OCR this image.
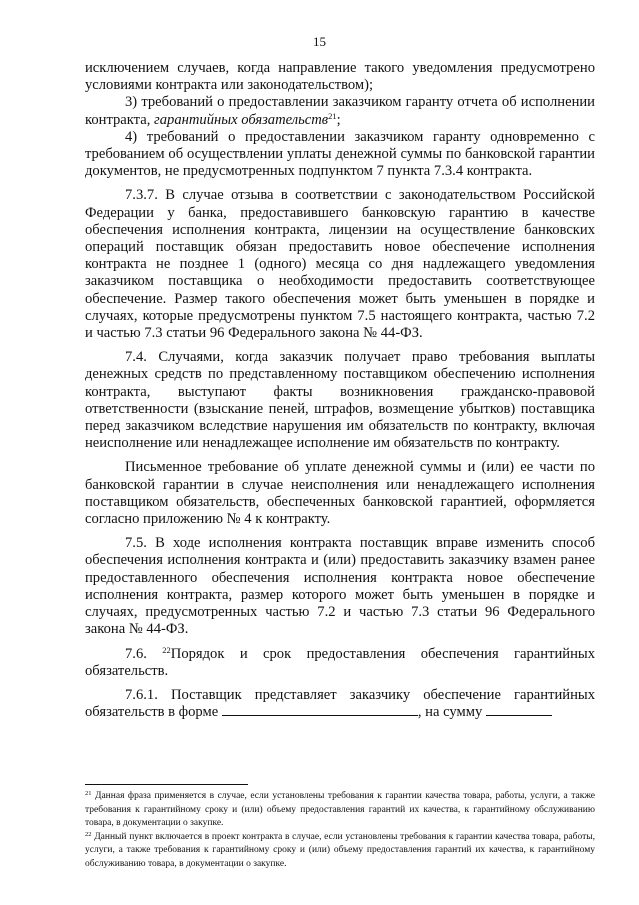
15

исключением случаев, когда направление такого уведомления предусмотрено условиями контракта или законодательством);

3) требований о предоставлении заказчиком гаранту отчета об исполнении контракта, гарантийных обязательств$^{21}$;

4) требований о предоставлении заказчиком гаранту одновременно с требованием об осуществлении уплаты денежной суммы по банковской гарантии документов, не предусмотренных подпунктом 7 пункта 7.3.4 контракта.

7.3.7. В случае отзыва в соответствии с законодательством Российской Федерации у банка, предоставившего банковскую гарантию в качестве обеспечения исполнения контракта, лицензии на осуществление банковских операций поставщик обязан предоставить новое обеспечение исполнения контракта не позднее 1 (одного) месяца со дня надлежащего уведомления заказчиком поставщика о необходимости предоставить соответствующее обеспечение. Размер такого обеспечения может быть уменьшен в порядке и случаях, которые предусмотрены пунктом 7.5 настоящего контракта, частью 7.2 и частью 7.3 статьи 96 Федерального закона № 44-ФЗ.

7.4. Случаями, когда заказчик получает право требования выплаты денежных средств по представленному поставщиком обеспечению исполнения контракта, выступают факты возникновения гражданско-правовой ответственности (взыскание пеней, штрафов, возмещение убытков) поставщика перед заказчиком вследствие нарушения им обязательств по контракту, включая неисполнение или ненадлежащее исполнение им обязательств по контракту.

Письменное требование об уплате денежной суммы и (или) ее части по банковской гарантии в случае неисполнения или ненадлежащего исполнения поставщиком обязательств, обеспеченных банковской гарантией, оформляется согласно приложению № 4 к контракту.

7.5. В ходе исполнения контракта поставщик вправе изменить способ обеспечения исполнения контракта и (или) предоставить заказчику взамен ранее предоставленного обеспечения исполнения контракта новое обеспечение исполнения контракта, размер которого может быть уменьшен в порядке и случаях, предусмотренных частью 7.2 и частью 7.3 статьи 96 Федерального закона № 44-ФЗ.

7.6. $^{22}$Порядок и срок предоставления обеспечения гарантийных обязательств.

7.6.1. Поставщик представляет заказчику обеспечение гарантийных обязательств в форме	, на сумму

$^{21}$ Данная фраза применяется в случае, если установлены требования к гарантии качества товара, работы, услуги, а также требования к гарантийному сроку и (или) объему предоставления гарантий их качества, к гарантийному обслуживанию товара, в документации о закупке.

$^{22}$ Данный пункт включается в проект контракта в случае, если установлены требования к гарантии качества товара, работы, услуги, а также требования к гарантийному сроку и (или) объему предоставления гарантий их качества, к гарантийному обслуживанию товара, в документации о закупке.
